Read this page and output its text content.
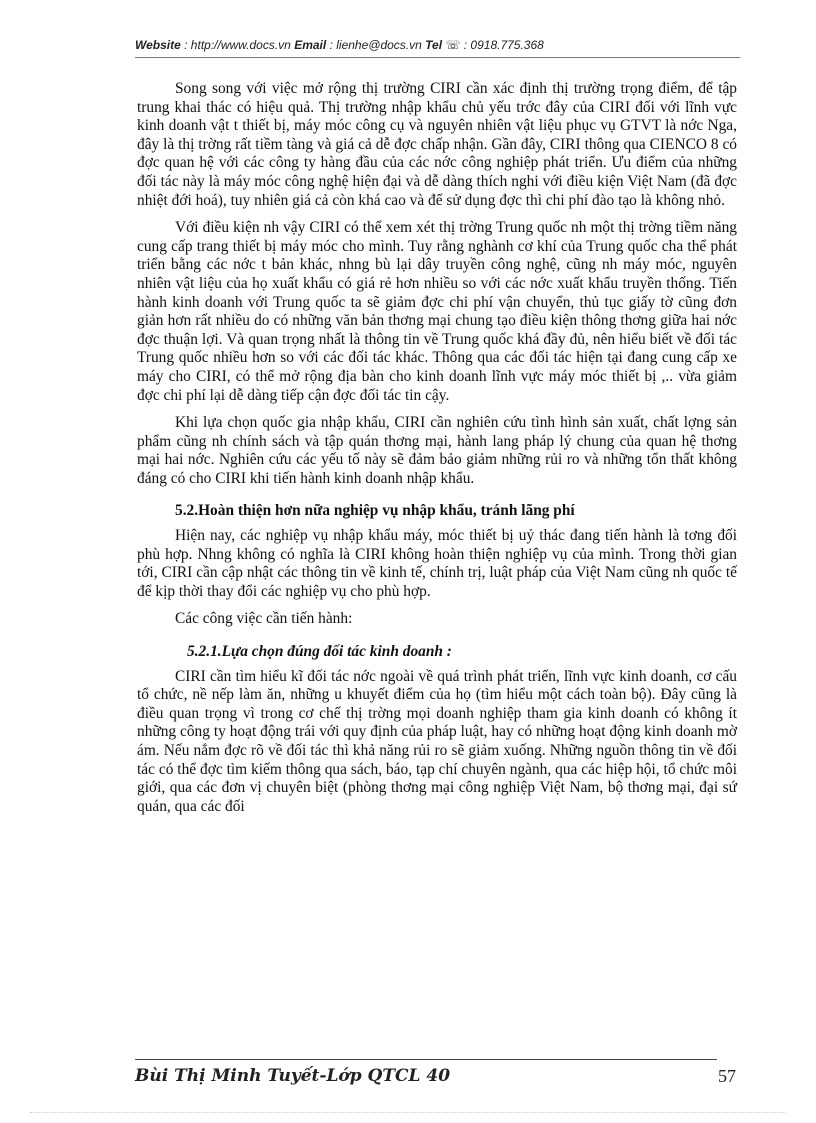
Website : http://www.docs.vn Email : lienhe@docs.vn Tel ☏ : 0918.775.368

Song song với việc mở rộng thị trường CIRI cần xác định thị trường trọng điểm, để tập trung khai thác có hiệu quả. Thị trường nhập khẩu chủ yếu trớc đây của CIRI đối với lĩnh vực kinh doanh vật t thiết bị, máy móc công cụ và nguyên nhiên vật liệu phục vụ GTVT là nớc Nga, đây là thị trờng rất tiềm tàng và giá cả dễ đợc chấp nhận. Gần đây, CIRI thông qua CIENCO 8 có đợc quan hệ với các công ty hàng đầu của các nớc công nghiệp phát triển. Ưu điểm của những đối tác này là máy móc công nghệ hiện đại và dễ dàng thích nghi với điều kiện Việt Nam (đã đợc nhiệt đới hoá), tuy nhiên giá cả còn khá cao và để sử dụng đợc thì chi phí đào tạo là không nhỏ.

Với điều kiện nh vậy CIRI có thể xem xét thị trờng Trung quốc nh một thị trờng tiềm năng cung cấp trang thiết bị máy móc cho mình. Tuy rằng nghành cơ khí của Trung quốc cha thể phát triển bằng các nớc t bản khác, nhng bù lại dây truyền công nghệ, cũng nh máy móc, nguyên nhiên vật liệu của họ xuất khẩu có giá rẻ hơn nhiều so với các nớc xuất khẩu truyền thống. Tiến hành kinh doanh với Trung quốc ta sẽ giảm đợc chi phí vận chuyển, thủ tục giấy tờ cũng đơn giản hơn rất nhiều do có những văn bản thơng mại chung tạo điều kiện thông thơng giữa hai nớc đợc thuận lợi. Và quan trọng nhất là thông tin về Trung quốc khá đầy đủ, nên hiểu biết về đối tác Trung quốc nhiều hơn so với các đối tác khác. Thông qua các đối tác hiện tại đang cung cấp xe máy cho CIRI, có thể mở rộng địa bàn cho kinh doanh lĩnh vực máy móc thiết bị ,.. vừa giảm đợc chi phí lại dễ dàng tiếp cận đợc đối tác tin cậy.

Khi lựa chọn quốc gia nhập khẩu, CIRI cần nghiên cứu tình hình sản xuất, chất lợng sản phẩm cũng nh chính sách và tập quán thơng mại, hành lang pháp lý chung của quan hệ thơng mại hai nớc. Nghiên cứu các yếu tố này sẽ đảm bảo giảm những rủi ro và những tổn thất không đáng có cho CIRI khi tiến hành kinh doanh nhập khẩu.

5.2.Hoàn thiện hơn nữa nghiệp vụ nhập khẩu, tránh lãng phí

Hiện nay, các nghiệp vụ nhập khẩu máy, móc thiết bị uỷ thác đang tiến hành là tơng đối phù hợp. Nhng không có nghĩa là CIRI không hoàn thiện nghiệp vụ của mình. Trong thời gian tới, CIRI cần cập nhật các thông tin về kinh tế, chính trị, luật pháp của Việt Nam cũng nh quốc tế để kịp thời thay đổi các nghiệp vụ cho phù hợp.

Các công việc cần tiến hành:

5.2.1.Lựa chọn đúng đối tác kinh doanh :

CIRI cần tìm hiểu kĩ đối tác nớc ngoài về quá trình phát triển, lĩnh vực kinh doanh, cơ cấu tổ chức, nề nếp làm ăn, những u khuyết điểm của họ (tìm hiểu một cách toàn bộ). Đây cũng là điều quan trọng vì trong cơ chế thị trờng mọi doanh nghiệp tham gia kinh doanh có không ít những công ty hoạt động trái với quy định của pháp luật, hay có những hoạt động kinh doanh mờ ám. Nếu nắm đợc rõ về đối tác thì khả năng rủi ro sẽ giảm xuống. Những nguồn thông tin về đối tác có thể đợc tìm kiếm thông qua sách, báo, tạp chí chuyên ngành, qua các hiệp hội, tổ chức môi giới, qua các đơn vị chuyên biệt (phòng thơng mại công nghiệp Việt Nam, bộ thơng mại, đại sứ quán, qua các đối

Bùi Thị Minh Tuyết-Lớp QTCL 40	57
